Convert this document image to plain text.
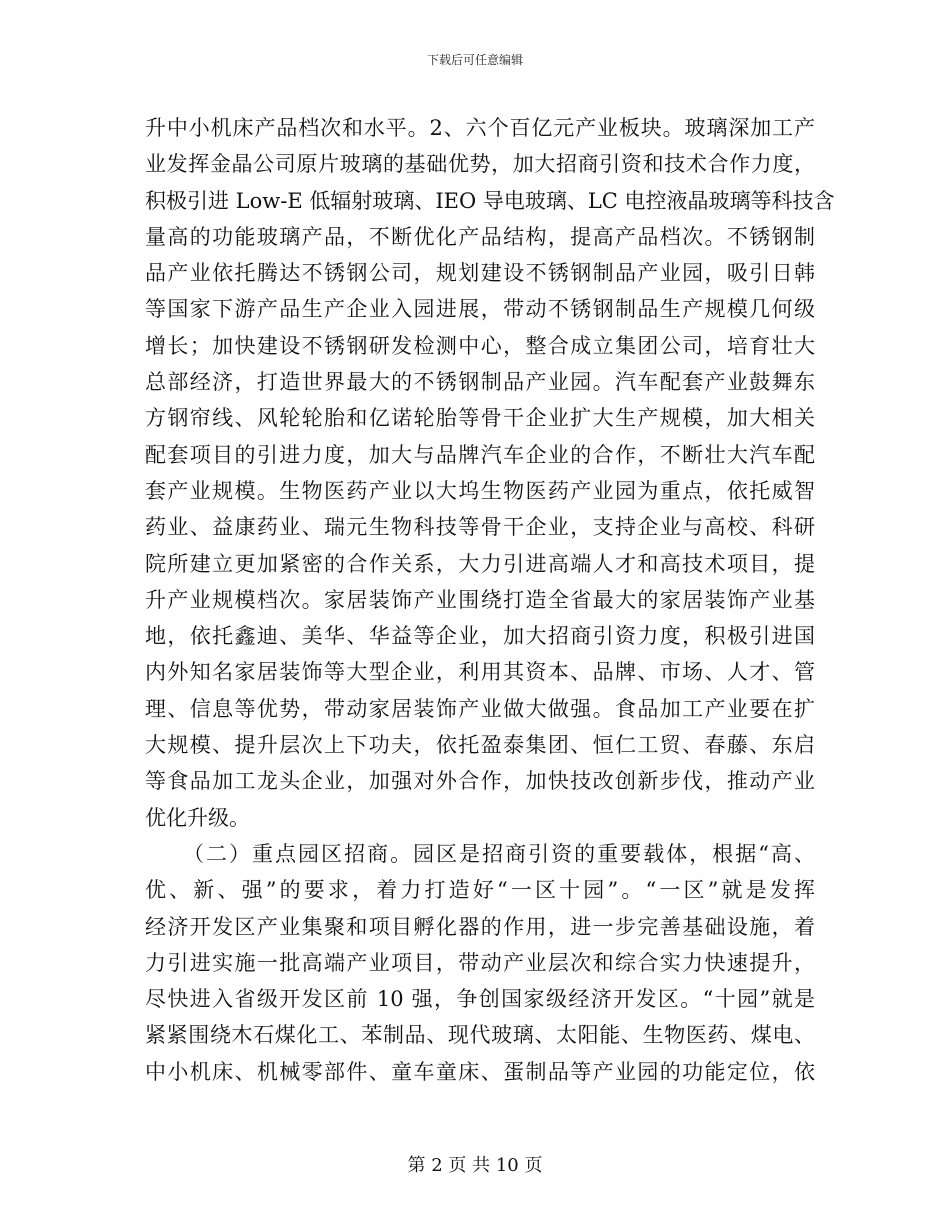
下载后可任意编辑
升中小机床产品档次和水平。2、六个百亿元产业板块。玻璃深加工产
业发挥金晶公司原片玻璃的基础优势，加大招商引资和技术合作力度，
积极引进 Low-E 低辐射玻璃、IEO 导电玻璃、LC 电控液晶玻璃等科技含
量高的功能玻璃产品，不断优化产品结构，提高产品档次。不锈钢制
品产业依托腾达不锈钢公司，规划建设不锈钢制品产业园，吸引日韩
等国家下游产品生产企业入园进展，带动不锈钢制品生产规模几何级
增长；加快建设不锈钢研发检测中心，整合成立集团公司，培育壮大
总部经济，打造世界最大的不锈钢制品产业园。汽车配套产业鼓舞东
方钢帘线、风轮轮胎和亿诺轮胎等骨干企业扩大生产规模，加大相关
配套项目的引进力度，加大与品牌汽车企业的合作，不断壮大汽车配
套产业规模。生物医药产业以大坞生物医药产业园为重点，依托威智
药业、益康药业、瑞元生物科技等骨干企业，支持企业与高校、科研
院所建立更加紧密的合作关系，大力引进高端人才和高技术项目，提
升产业规模档次。家居装饰产业围绕打造全省最大的家居装饰产业基
地，依托鑫迪、美华、华益等企业，加大招商引资力度，积极引进国
内外知名家居装饰等大型企业，利用其资本、品牌、市场、人才、管
理、信息等优势，带动家居装饰产业做大做强。食品加工产业要在扩
大规模、提升层次上下功夫，依托盈泰集团、恒仁工贸、春藤、东启
等食品加工龙头企业，加强对外合作，加快技改创新步伐，推动产业
优化升级。
（二）重点园区招商。园区是招商引资的重要载体，根据“高、
优、新、强”的要求，着力打造好“一区十园”。“一区”就是发挥
经济开发区产业集聚和项目孵化器的作用，进一步完善基础设施，着
力引进实施一批高端产业项目，带动产业层次和综合实力快速提升，
尽快进入省级开发区前 10 强，争创国家级经济开发区。“十园”就是
紧紧围绕木石煤化工、苯制品、现代玻璃、太阳能、生物医药、煤电、
中小机床、机械零部件、童车童床、蛋制品等产业园的功能定位，依
第 2 页 共 10 页
